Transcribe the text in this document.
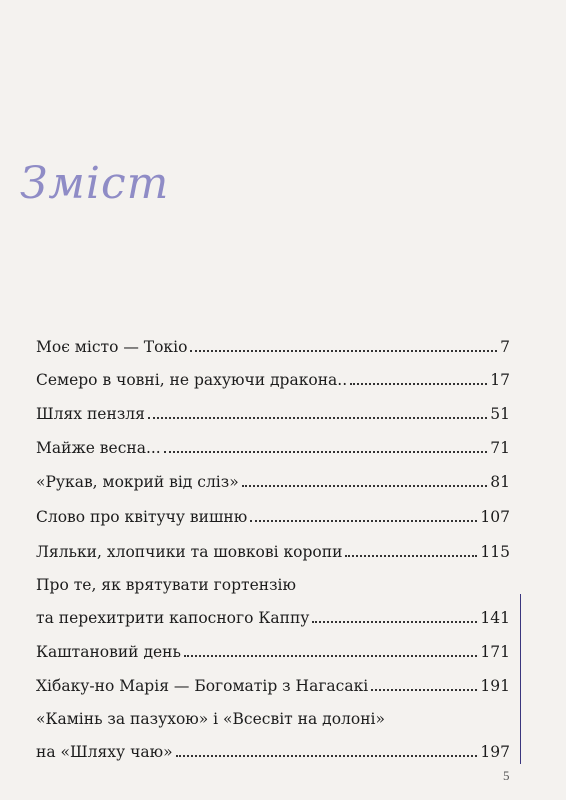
Зміст
Моє місто — Токіо	7
Семеро в човні, не рахуючи дракона..	17
Шлях пензля	51
Майже весна...	71
«Рукав, мокрий від сліз»	81
Слово про квітучу вишню	107
Ляльки, хлопчики та шовкові коропи	115
Про те, як врятувати гортензію
та перехитрити капосного Каппу	141
Каштановий день	171
Хібаку-но Марія — Богоматір з Нагасакі	191
«Камінь за пазухою» і «Всесвіт на долоні»
на «Шляху чаю»	197
5
